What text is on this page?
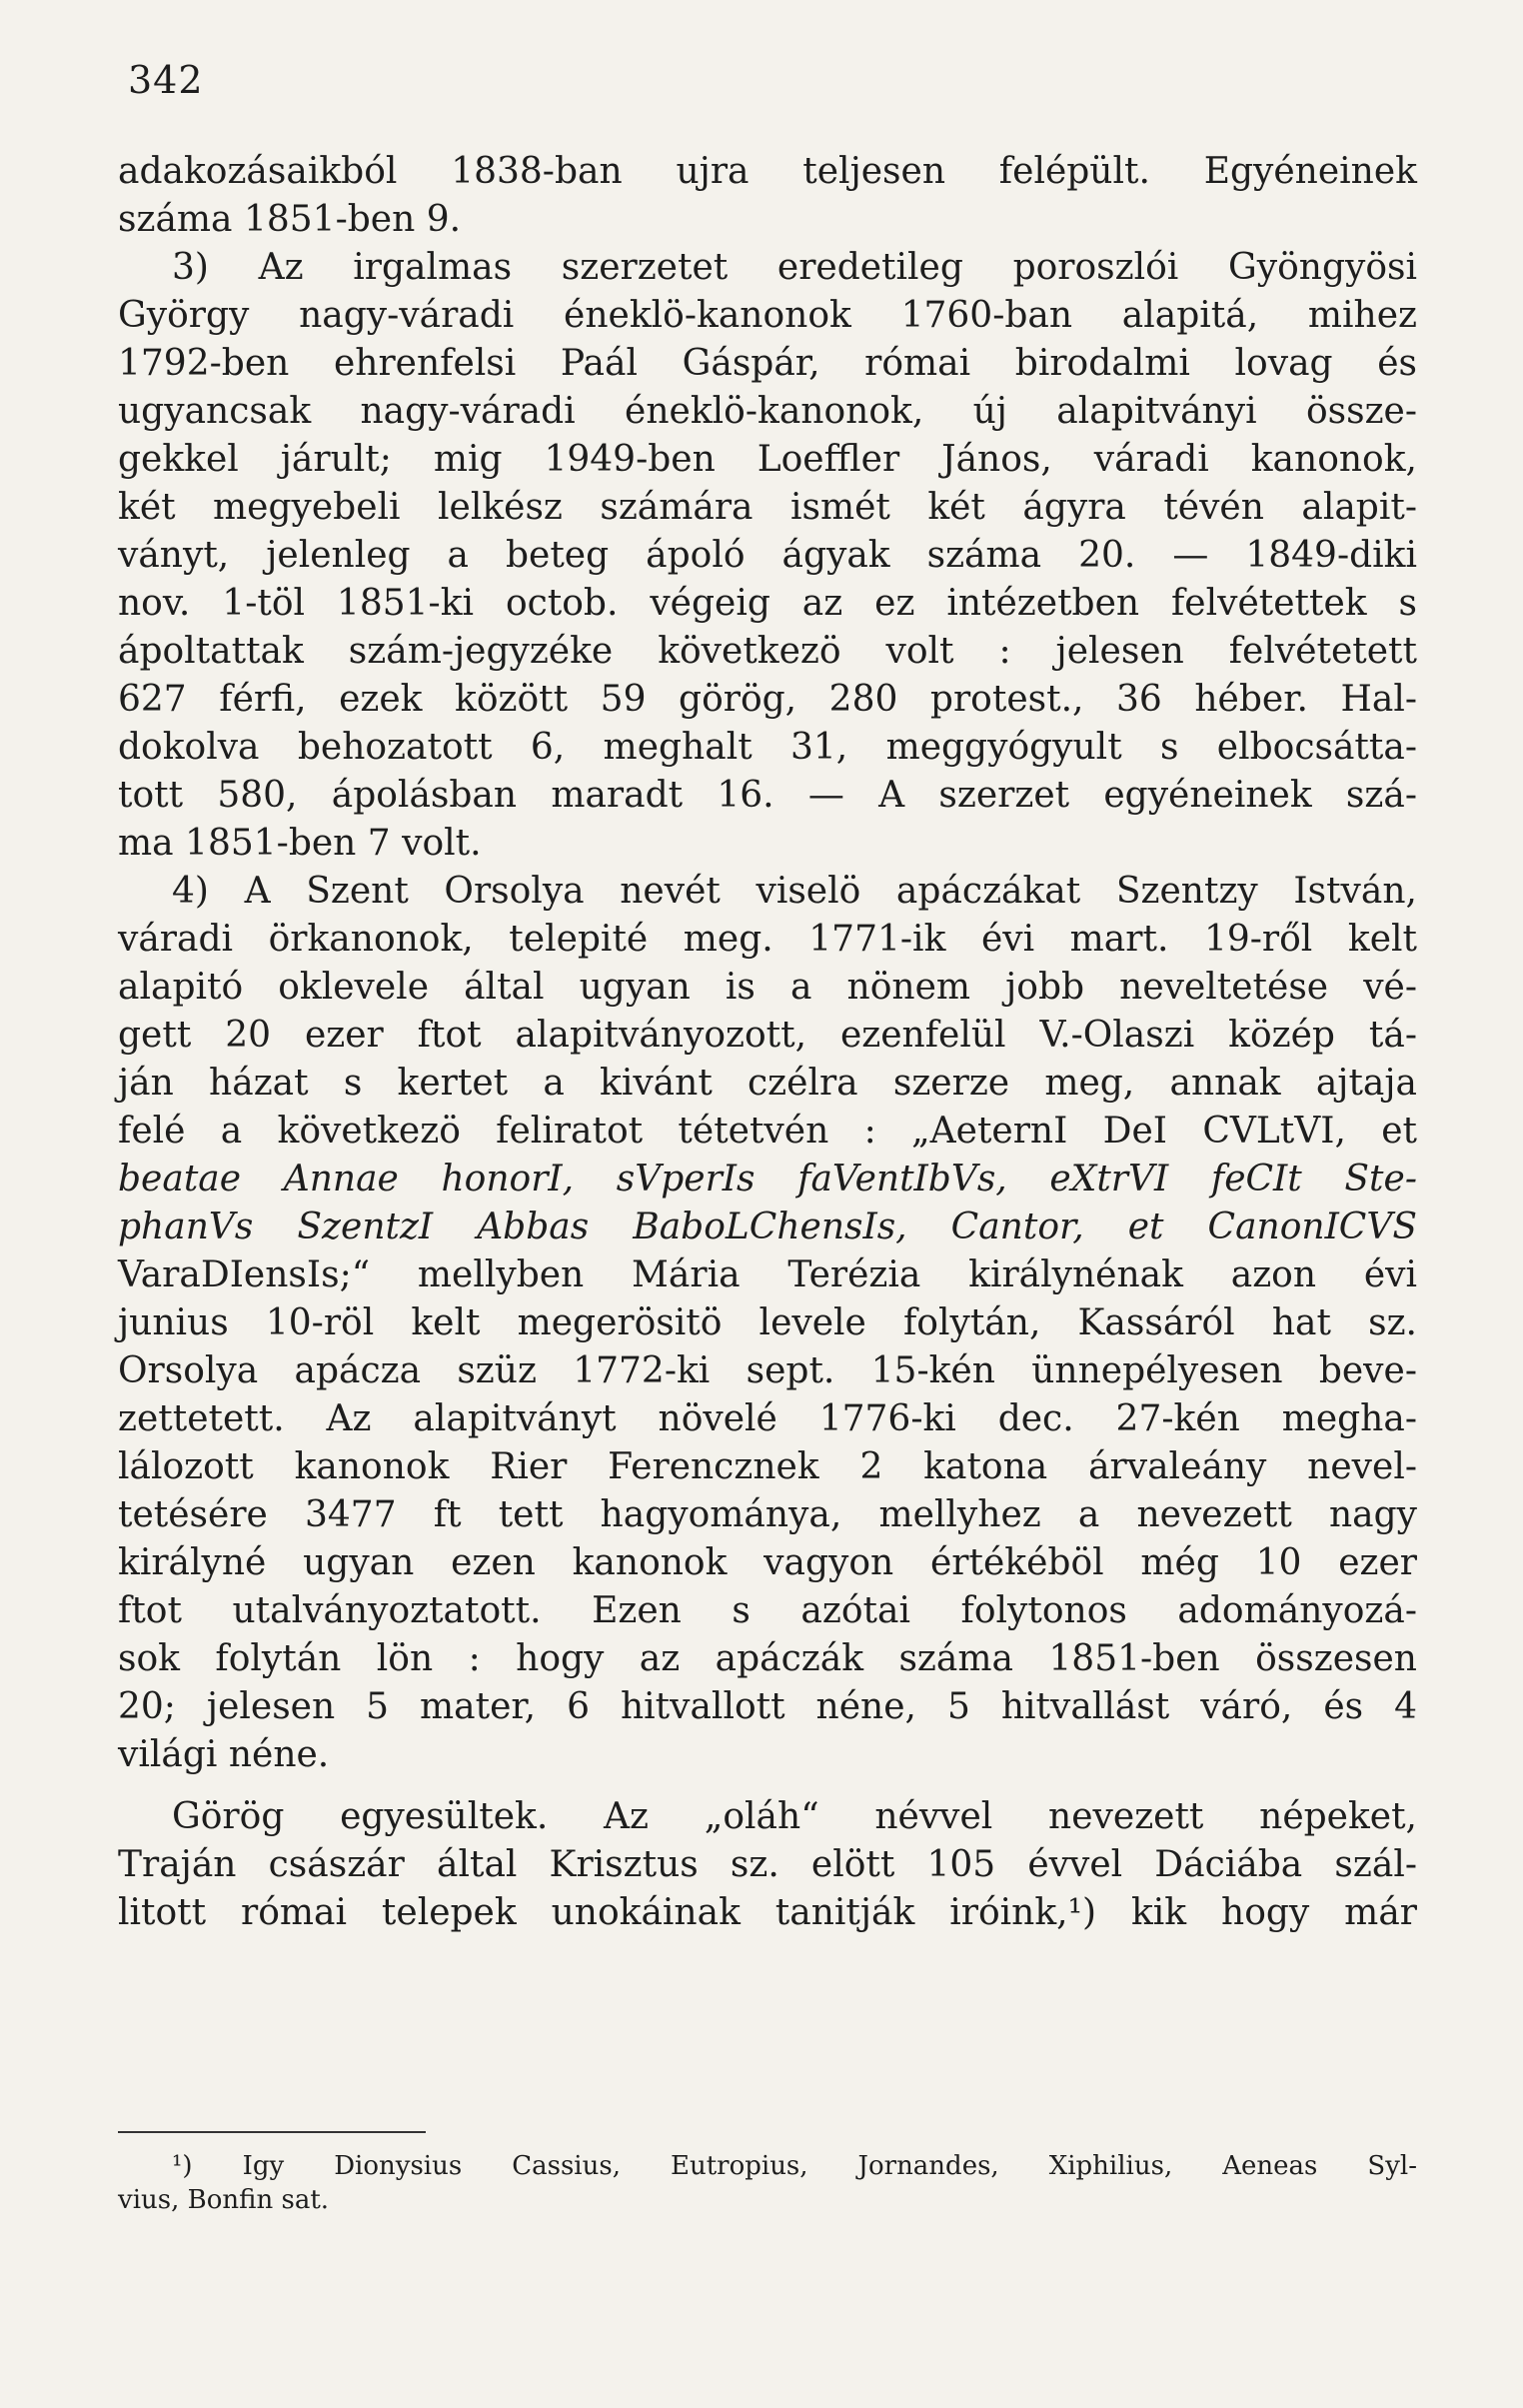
342
adakozásaikból 1838-ban ujra teljesen felépült. Egyéneinek
száma 1851-ben 9.
3) Az irgalmas szerzetet eredetileg poroszlói Gyöngyösi
György nagy-váradi éneklö-kanonok 1760-ban alapitá, mihez
1792-ben ehrenfelsi Paál Gáspár, római birodalmi lovag és
ugyancsak nagy-váradi éneklö-kanonok, új alapitványi össze-
gekkel járult; mig 1949-ben Loeffler János, váradi kanonok,
két megyebeli lelkész számára ismét két ágyra tévén alapit-
ványt, jelenleg a beteg ápoló ágyak száma 20. — 1849-diki
nov. 1-töl 1851-ki octob. végeig az ez intézetben felvétettek s
ápoltattak szám-jegyzéke következö volt : jelesen felvétetett
627 férfi, ezek között 59 görög, 280 protest., 36 héber. Hal-
dokolva behozatott 6, meghalt 31, meggyógyult s elbocsátta-
tott 580, ápolásban maradt 16. — A szerzet egyéneinek szá-
ma 1851-ben 7 volt.
4) A Szent Orsolya nevét viselö apáczákat Szentzy István,
váradi örkanonok, telepité meg. 1771-ik évi mart. 19-ről kelt
alapitó oklevele által ugyan is a nönem jobb neveltetése vé-
gett 20 ezer ftot alapitványozott, ezenfelül V.-Olaszi közép tá-
ján házat s kertet a kivánt czélra szerze meg, annak ajtaja
felé a következö feliratot tétetvén : „AeternI DeI CVLtVI, et
beatae Annae honorI, sVperIs faVentIbVs, eXtrVI feCIt Ste-
phanVs SzentzI Abbas BaboLChensIs, Cantor, et CanonICVS
VaraDIensIs;“ mellyben Mária Terézia királynénak azon évi
junius 10-röl kelt megerösitö levele folytán, Kassáról hat sz.
Orsolya apácza szüz 1772-ki sept. 15-kén ünnepélyesen beve-
zettetett. Az alapitványt növelé 1776-ki dec. 27-kén megha-
lálozott kanonok Rier Ferencznek 2 katona árvaleány nevel-
tetésére 3477 ft tett hagyománya, mellyhez a nevezett nagy
királyné ugyan ezen kanonok vagyon értékéböl még 10 ezer
ftot utalványoztatott. Ezen s azótai folytonos adományozá-
sok folytán lön : hogy az apáczák száma 1851-ben összesen
20; jelesen 5 mater, 6 hitvallott néne, 5 hitvallást váró, és 4
világi néne.
Görög egyesültek. Az „oláh“ névvel nevezett népeket,
Traján császár által Krisztus sz. elött 105 évvel Dáciába szál-
litott római telepek unokáinak tanitják iróink,¹) kik hogy már
¹) Igy Dionysius Cassius, Eutropius, Jornandes, Xiphilius, Aeneas Syl-
vius, Bonfin sat.
